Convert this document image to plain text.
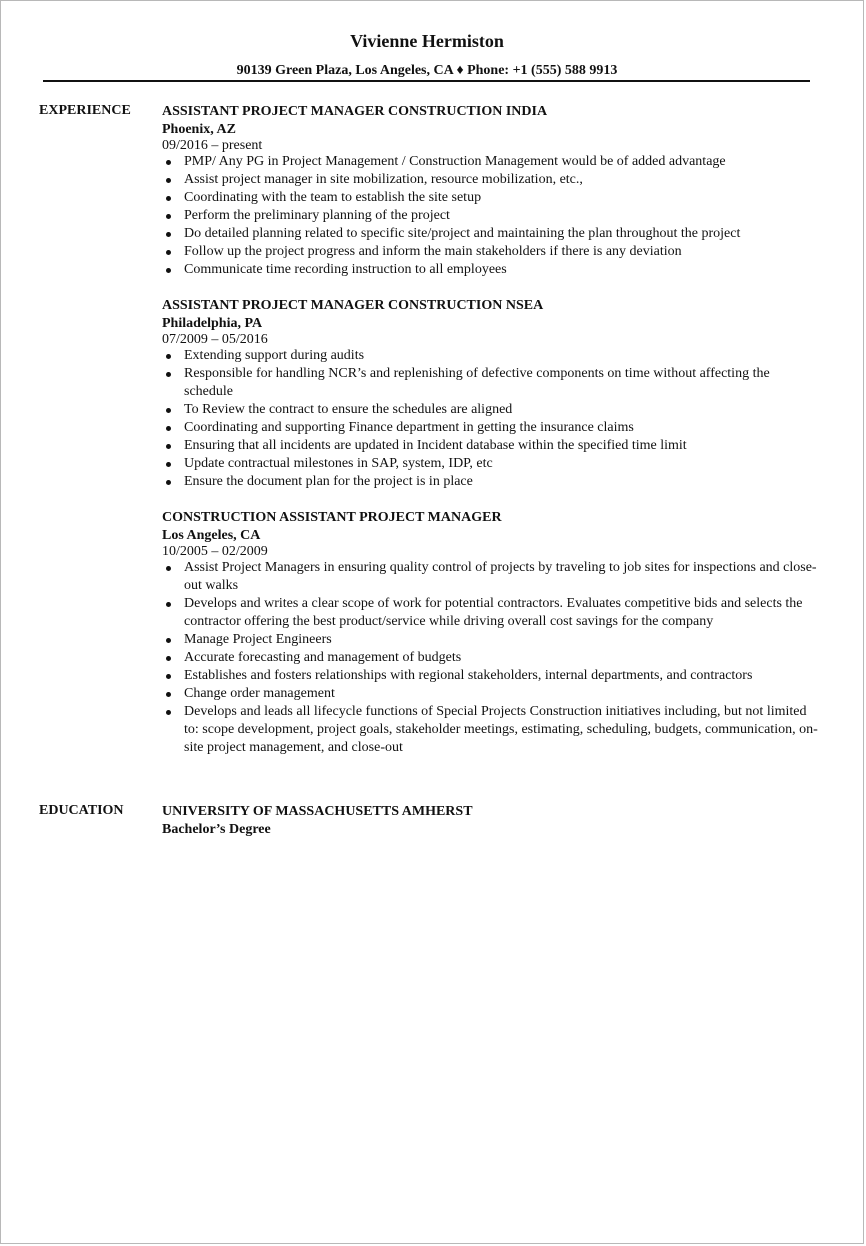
Vivienne Hermiston
90139 Green Plaza, Los Angeles, CA ♦ Phone: +1 (555) 588 9913
EXPERIENCE ASSISTANT PROJECT MANAGER CONSTRUCTION INDIA
Phoenix, AZ
09/2016 – present
PMP/ Any PG in Project Management / Construction Management would be of added advantage
Assist project manager in site mobilization, resource mobilization, etc.,
Coordinating with the team to establish the site setup
Perform the preliminary planning of the project
Do detailed planning related to specific site/project and maintaining the plan throughout the project
Follow up the project progress and inform the main stakeholders if there is any deviation
Communicate time recording instruction to all employees
ASSISTANT PROJECT MANAGER CONSTRUCTION NSEA
Philadelphia, PA
07/2009 – 05/2016
Extending support during audits
Responsible for handling NCR’s and replenishing of defective components on time without affecting the schedule
To Review the contract to ensure the schedules are aligned
Coordinating and supporting Finance department in getting the insurance claims
Ensuring that all incidents are updated in Incident database within the specified time limit
Update contractual milestones in SAP, system, IDP, etc
Ensure the document plan for the project is in place
CONSTRUCTION ASSISTANT PROJECT MANAGER
Los Angeles, CA
10/2005 – 02/2009
Assist Project Managers in ensuring quality control of projects by traveling to job sites for inspections and close-out walks
Develops and writes a clear scope of work for potential contractors. Evaluates competitive bids and selects the contractor offering the best product/service while driving overall cost savings for the company
Manage Project Engineers
Accurate forecasting and management of budgets
Establishes and fosters relationships with regional stakeholders, internal departments, and contractors
Change order management
Develops and leads all lifecycle functions of Special Projects Construction initiatives including, but not limited to: scope development, project goals, stakeholder meetings, estimating, scheduling, budgets, communication, on-site project management, and close-out
EDUCATION	UNIVERSITY OF MASSACHUSETTS AMHERST
Bachelor’s Degree
